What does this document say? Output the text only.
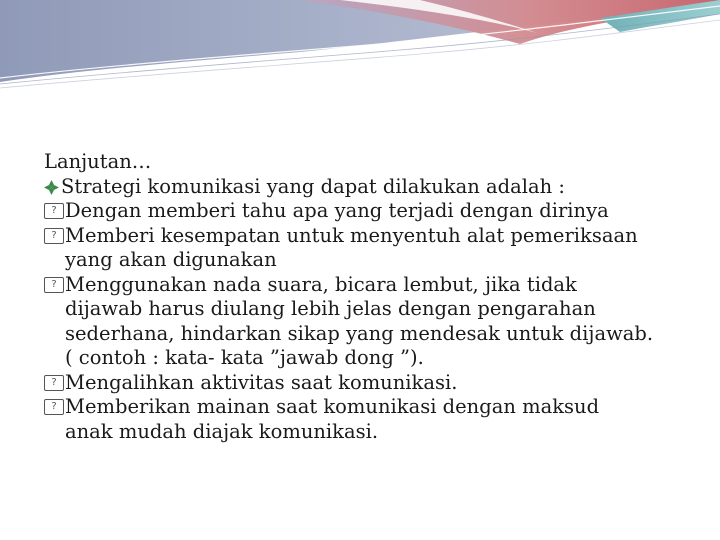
Lanjutan…
Strategi komunikasi yang dapat dilakukan adalah :
? Dengan memberi tahu apa yang terjadi dengan dirinya
? Memberi kesempatan untuk menyentuh alat pemeriksaan
yang akan digunakan
? Menggunakan nada suara, bicara lembut, jika tidak
dijawab harus diulang lebih jelas dengan pengarahan
sederhana, hindarkan sikap yang mendesak untuk dijawab.
( contoh : kata- kata ”jawab dong ”).
? Mengalihkan aktivitas saat komunikasi.
? Memberikan mainan saat komunikasi dengan maksud
anak mudah diajak komunikasi.
